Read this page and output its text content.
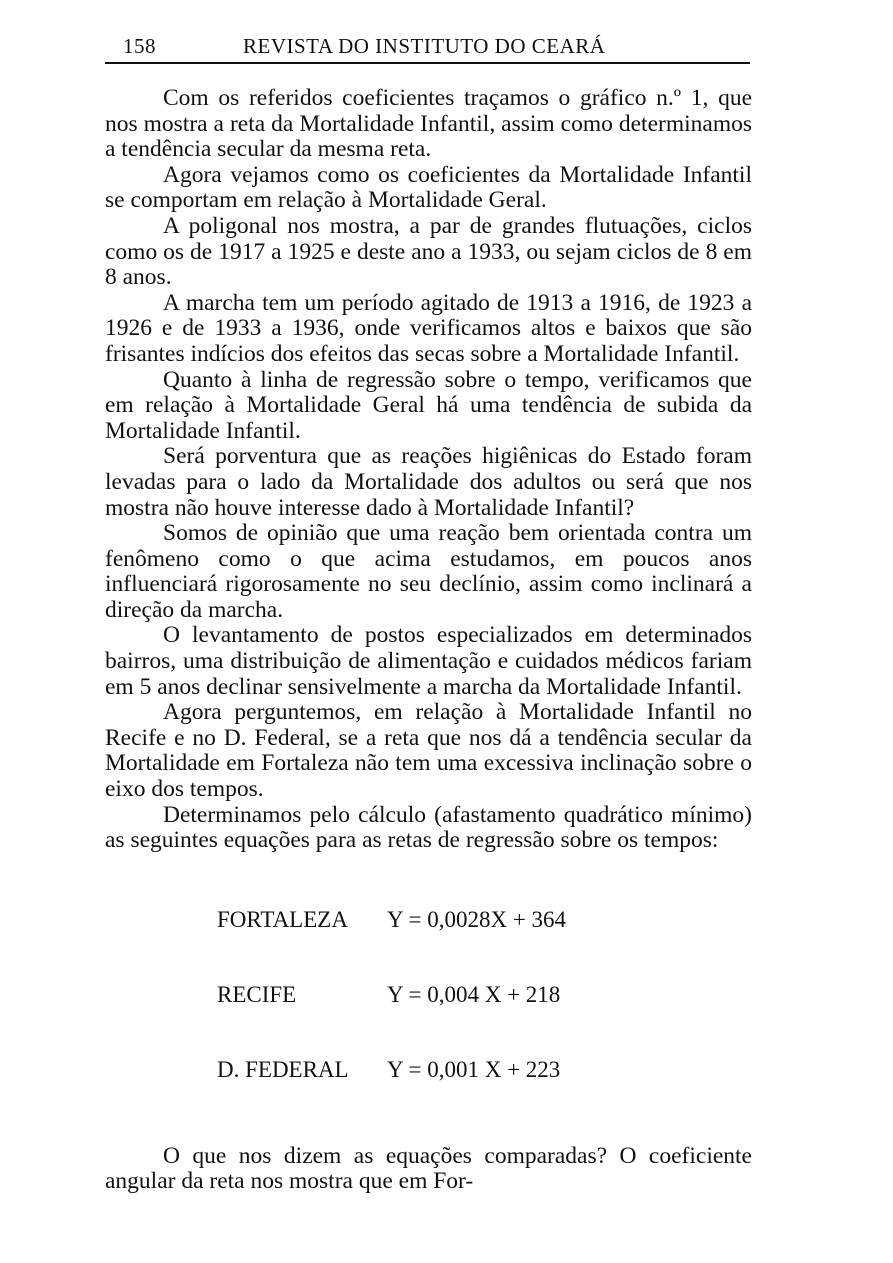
158	REVISTA DO INSTITUTO DO CEARÁ

Com os referidos coeficientes traçamos o gráfico n.º 1, que nos mostra a reta da Mortalidade Infantil, assim como determinamos a tendência secular da mesma reta.

Agora vejamos como os coeficientes da Mortalidade Infantil se comportam em relação à Mortalidade Geral.

A poligonal nos mostra, a par de grandes flutuações, ciclos como os de 1917 a 1925 e deste ano a 1933, ou sejam ciclos de 8 em 8 anos.

A marcha tem um período agitado de 1913 a 1916, de 1923 a 1926 e de 1933 a 1936, onde verificamos altos e baixos que são frisantes indícios dos efeitos das secas sobre a Mortalidade Infantil.

Quanto à linha de regressão sobre o tempo, verificamos que em relação à Mortalidade Geral há uma tendência de subida da Mortalidade Infantil.

Será porventura que as reações higiênicas do Estado foram levadas para o lado da Mortalidade dos adultos ou será que nos mostra não houve interesse dado à Mortalidade Infantil?

Somos de opinião que uma reação bem orientada contra um fenômeno como o que acima estudamos, em poucos anos influenciará rigorosamente no seu declínio, assim como inclinará a direção da marcha.

O levantamento de postos especializados em determinados bairros, uma distribuição de alimentação e cuidados médicos fariam em 5 anos declinar sensivelmente a marcha da Mortalidade Infantil.

Agora perguntemos, em relação à Mortalidade Infantil no Recife e no D. Federal, se a reta que nos dá a tendência secular da Mortalidade em Fortaleza não tem uma excessiva inclinação sobre o eixo dos tempos.

Determinamos pelo cálculo (afastamento quadrático mínimo) as seguintes equações para as retas de regressão sobre os tempos:

FORTALEZA Y = 0,0028X + 364

RECIFE	Y = 0,004 X + 218

D. FEDERAL Y = 0,001 X + 223

O que nos dizem as equações comparadas? O coeficiente angular da reta nos mostra que em For-
